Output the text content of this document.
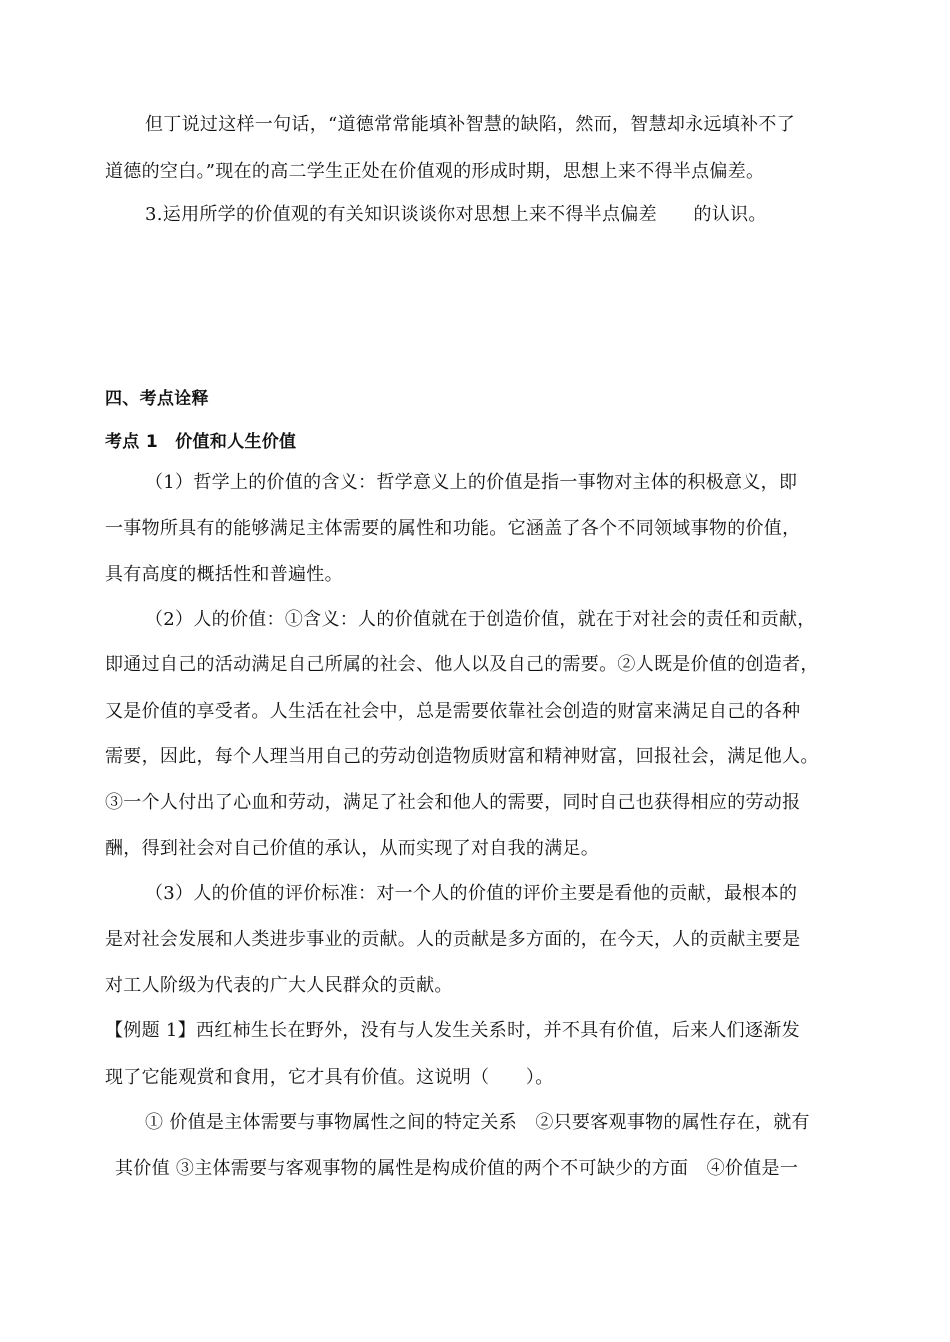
但丁说过这样一句话，“道德常常能填补智慧的缺陷，然而，智慧却永远填补不了
道德的空白。”现在的高二学生正处在价值观的形成时期，思想上来不得半点偏差。
3.运用所学的价值观的有关知识谈谈你对思想上来不得半点偏差　　的认识。
四、考点诠释
考点 1　价值和人生价值
（1）哲学上的价值的含义：哲学意义上的价值是指一事物对主体的积极意义，即
一事物所具有的能够满足主体需要的属性和功能。它涵盖了各个不同领域事物的价值，
具有高度的概括性和普遍性。
（2）人的价值：①含义：人的价值就在于创造价值，就在于对社会的责任和贡献，
即通过自己的活动满足自己所属的社会、他人以及自己的需要。②人既是价值的创造者，
又是价值的享受者。人生活在社会中，总是需要依靠社会创造的财富来满足自己的各种
需要，因此，每个人理当用自己的劳动创造物质财富和精神财富，回报社会，满足他人。
③一个人付出了心血和劳动，满足了社会和他人的需要，同时自己也获得相应的劳动报
酬，得到社会对自己价值的承认，从而实现了对自我的满足。
（3）人的价值的评价标准：对一个人的价值的评价主要是看他的贡献，最根本的
是对社会发展和人类进步事业的贡献。人的贡献是多方面的，在今天，人的贡献主要是
对工人阶级为代表的广大人民群众的贡献。
【例题 1】西红柿生长在野外，没有与人发生关系时，并不具有价值，后来人们逐渐发
现了它能观赏和食用，它才具有价值。这说明（　　）。
① 价值是主体需要与事物属性之间的特定关系　②只要客观事物的属性存在，就有
其价值 ③主体需要与客观事物的属性是构成价值的两个不可缺少的方面　④价值是一
